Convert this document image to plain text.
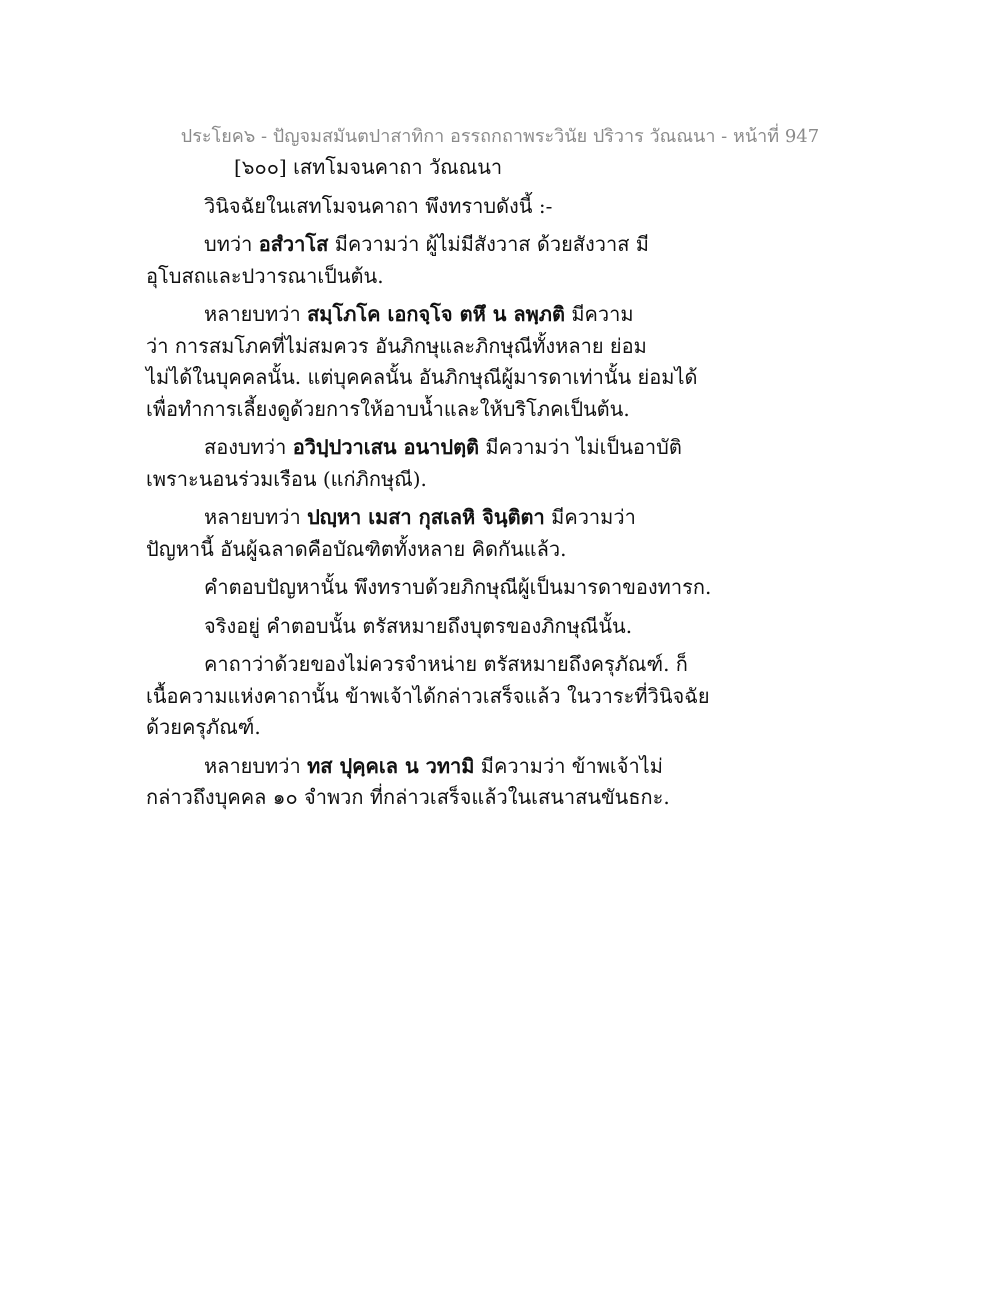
ประโยค๖ - ปัญจมสมันตปาสาทิกา อรรถกถาพระวินัย ปริวาร วัณณนา - หน้าที่ 947
[๖๐๐] เสทโมจนคาถา วัณณนา
วินิจฉัยในเสทโมจนคาถา พึงทราบดังนี้ :-
บทว่า อสํวาโส มีความว่า ผู้ไม่มีสังวาส ด้วยสังวาส มี
อุโบสถและปวารณาเป็นต้น.
หลายบทว่า สมฺโภโค เอกจฺโจ ตหึ น ลพฺภติ มีความ
ว่า การสมโภคที่ไม่สมควร อันภิกษุและภิกษุณีทั้งหลาย ย่อม
ไม่ได้ในบุคคลนั้น. แต่บุคคลนั้น อันภิกษุณีผู้มารดาเท่านั้น ย่อมได้
เพื่อทำการเลี้ยงดูด้วยการให้อาบน้ำและให้บริโภคเป็นต้น.
สองบทว่า อวิปฺปวาเสน อนาปตฺติ มีความว่า ไม่เป็นอาบัติ
เพราะนอนร่วมเรือน (แก่ภิกษุณี).
หลายบทว่า ปญฺหา เมสา กุสเลหิ จินฺติตา มีความว่า
ปัญหานี้ อันผู้ฉลาดคือบัณฑิตทั้งหลาย คิดกันแล้ว.
คำตอบปัญหานั้น พึงทราบด้วยภิกษุณีผู้เป็นมารดาของทารก.
จริงอยู่ คำตอบนั้น ตรัสหมายถึงบุตรของภิกษุณีนั้น.
คาถาว่าด้วยของไม่ควรจำหน่าย ตรัสหมายถึงครุภัณฑ์. ก็
เนื้อความแห่งคาถานั้น ข้าพเจ้าได้กล่าวเสร็จแล้ว ในวาระที่วินิจฉัย
ด้วยครุภัณฑ์.
หลายบทว่า ทส ปุคฺคเล น วทามิ มีความว่า ข้าพเจ้าไม่
กล่าวถึงบุคคล ๑๐ จำพวก ที่กล่าวเสร็จแล้วในเสนาสนขันธกะ.
